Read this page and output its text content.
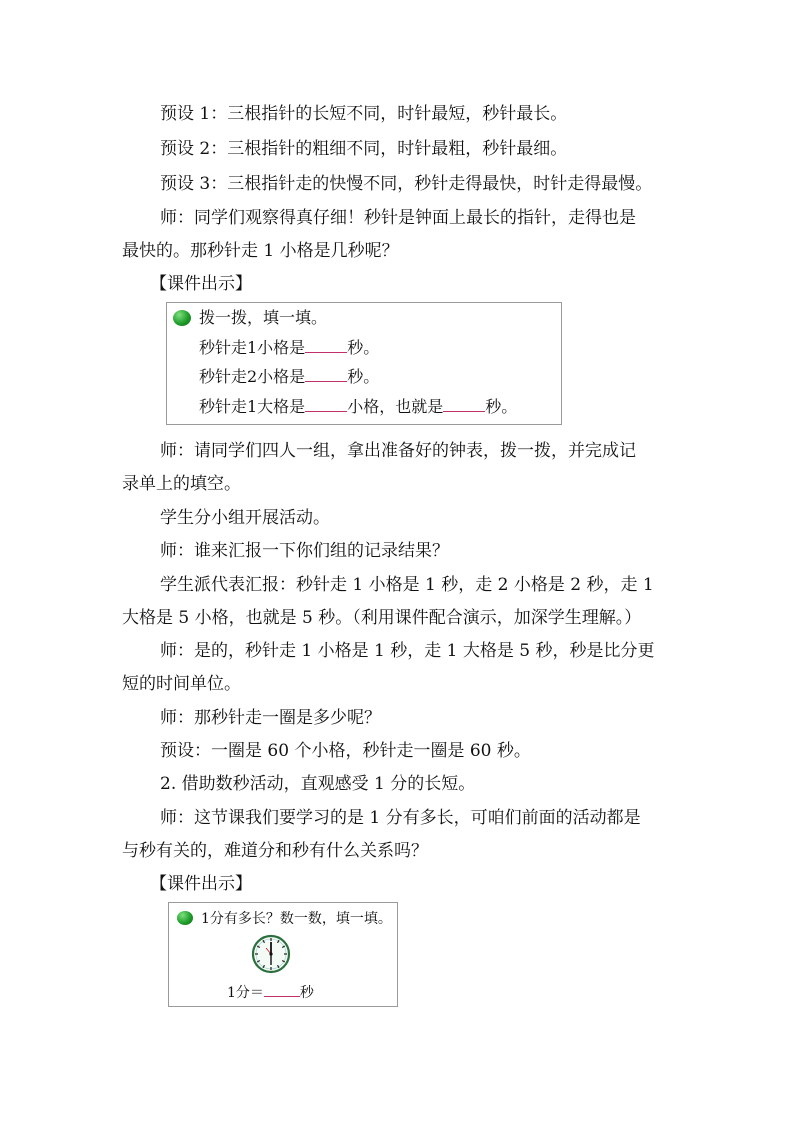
预设 1：三根指针的长短不同，时针最短，秒针最长。
预设 2：三根指针的粗细不同，时针最粗，秒针最细。
预设 3：三根指针走的快慢不同，秒针走得最快，时针走得最慢。
师：同学们观察得真仔细！秒针是钟面上最长的指针，走得也是
最快的。那秒针走 1 小格是几秒呢？
【课件出示】
拨一拨，填一填。
秒针走1小格是	秒。
秒针走2小格是	秒。
秒针走1大格是	小格，也就是	秒。
师：请同学们四人一组，拿出准备好的钟表，拨一拨，并完成记
录单上的填空。
学生分小组开展活动。
师：谁来汇报一下你们组的记录结果？
学生派代表汇报：秒针走 1 小格是 1 秒，走 2 小格是 2 秒，走 1
大格是 5 小格，也就是 5 秒。（利用课件配合演示，加深学生理解。）
师：是的，秒针走 1 小格是 1 秒，走 1 大格是 5 秒，秒是比分更
短的时间单位。
师：那秒针走一圈是多少呢？
预设：一圈是 60 个小格，秒针走一圈是 60 秒。
2. 借助数秒活动，直观感受 1 分的长短。
师：这节课我们要学习的是 1 分有多长，可咱们前面的活动都是
与秒有关的，难道分和秒有什么关系吗？
【课件出示】
1分有多长？数一数，填一填。
1分＝	秒
